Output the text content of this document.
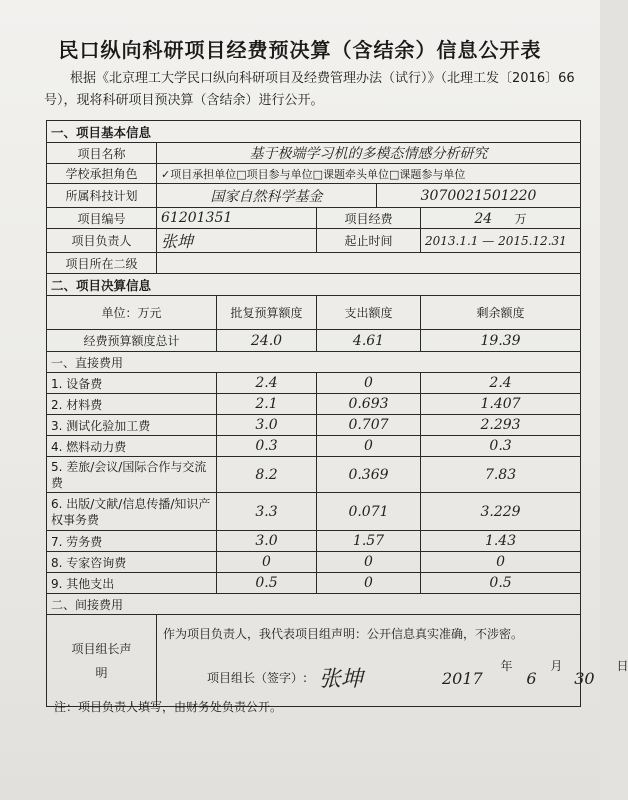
民口纵向科研项目经费预决算（含结余）信息公开表
根据《北京理工大学民口纵向科研项目及经费管理办法（试行）》（北理工发〔2016〕66号），现将科研项目预决算（含结余）进行公开。
一、项目基本信息					
项目名称	基于极端学习机的多模态情感分析研究				
学校承担角色	✓项目承担单位□项目参与单位□课题牵头单位□课题参与单位				
所属科技计划	国家自然科学基金			3070021501220	
项目编号	61201351		项目经费		24 万
项目负责人	张坤		起止时间		2013.1.1 — 2015.12.31
项目所在二级					
二、项目决算信息					
单位：万元		批复预算额度	支出额度		剩余额度
经费预算额度总计		24.0	4.61		19.39
一、直接费用					
1. 设备费		2.4	0		2.4
2. 材料费		2.1	0.693		1.407
3. 测试化验加工费		3.0	0.707		2.293
4. 燃料动力费		0.3	0		0.3
5. 差旅/会议/国际合作与交流费		8.2	0.369		7.83
6. 出版/文献/信息传播/知识产权事务费		3.3	0.071		3.229
7. 劳务费		3.0	1.57		1.43
8. 专家咨询费		0	0		0
9. 其他支出		0.5	0		0.5
二、间接费用					
项目组长声明	作为项目负责人，我代表项目组声明：公开信息真实准确，不涉密。
项目组长（签字）: 张坤 2017 年 6 月 30 日				
注：项目负责人填写，由财务处负责公开。
